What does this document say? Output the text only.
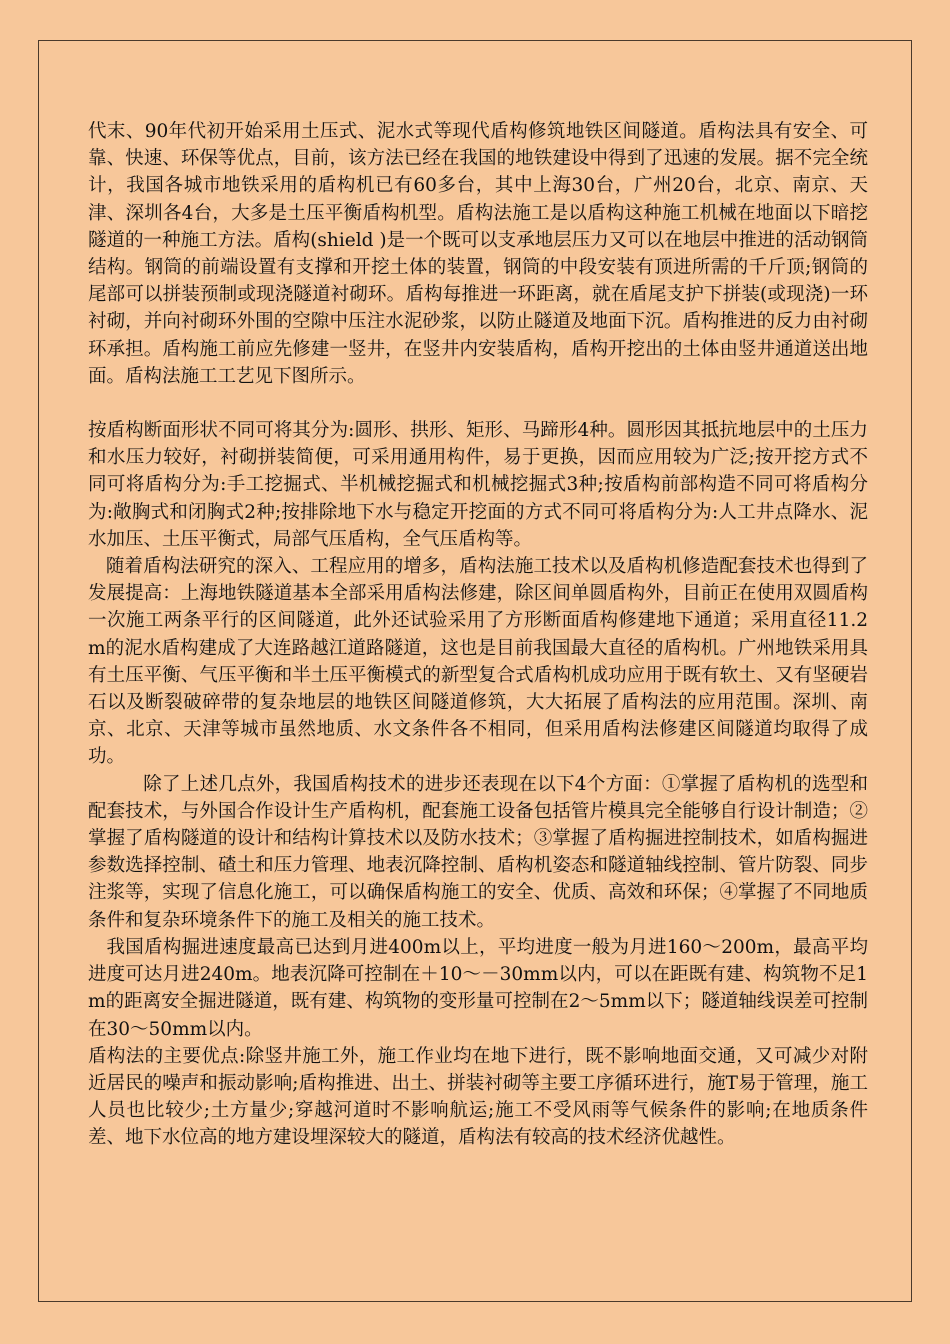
代末、90年代初开始采用土压式、泥水式等现代盾构修筑地铁区间隧道。盾构法具有安全、可靠、快速、环保等优点，目前，该方法已经在我国的地铁建设中得到了迅速的发展。据不完全统计，我国各城市地铁采用的盾构机已有60多台，其中上海30台，广州20台，北京、南京、天津、深圳各4台，大多是土压平衡盾构机型。盾构法施工是以盾构这种施工机械在地面以下暗挖隧道的一种施工方法。盾构(shield )是一个既可以支承地层压力又可以在地层中推进的活动钢筒结构。钢筒的前端设置有支撑和开挖土体的装置，钢筒的中段安装有顶进所需的千斤顶;钢筒的尾部可以拼装预制或现浇隧道衬砌环。盾构每推进一环距离，就在盾尾支护下拼装(或现浇)一环衬砌，并向衬砌环外围的空隙中压注水泥砂浆，以防止隧道及地面下沉。盾构推进的反力由衬砌环承担。盾构施工前应先修建一竖井，在竖井内安装盾构，盾构开挖出的土体由竖井通道送出地面。盾构法施工工艺见下图所示。

按盾构断面形状不同可将其分为:圆形、拱形、矩形、马蹄形4种。圆形因其抵抗地层中的土压力和水压力较好，衬砌拼装简便，可采用通用构件，易于更换，因而应用较为广泛;按开挖方式不同可将盾构分为:手工挖掘式、半机械挖掘式和机械挖掘式3种;按盾构前部构造不同可将盾构分为:敞胸式和闭胸式2种;按排除地下水与稳定开挖面的方式不同可将盾构分为:人工井点降水、泥水加压、土压平衡式，局部气压盾构，全气压盾构等。

随着盾构法研究的深入、工程应用的增多，盾构法施工技术以及盾构机修造配套技术也得到了发展提高：上海地铁隧道基本全部采用盾构法修建，除区间单圆盾构外，目前正在使用双圆盾构一次施工两条平行的区间隧道，此外还试验采用了方形断面盾构修建地下通道；采用直径11.2m的泥水盾构建成了大连路越江道路隧道，这也是目前我国最大直径的盾构机。广州地铁采用具有土压平衡、气压平衡和半土压平衡模式的新型复合式盾构机成功应用于既有软土、又有坚硬岩石以及断裂破碎带的复杂地层的地铁区间隧道修筑，大大拓展了盾构法的应用范围。深圳、南京、北京、天津等城市虽然地质、水文条件各不相同，但采用盾构法修建区间隧道均取得了成功。

除了上述几点外，我国盾构技术的进步还表现在以下4个方面：①掌握了盾构机的选型和配套技术，与外国合作设计生产盾构机，配套施工设备包括管片模具完全能够自行设计制造；②掌握了盾构隧道的设计和结构计算技术以及防水技术；③掌握了盾构掘进控制技术，如盾构掘进参数选择控制、碴土和压力管理、地表沉降控制、盾构机姿态和隧道轴线控制、管片防裂、同步注浆等，实现了信息化施工，可以确保盾构施工的安全、优质、高效和环保；④掌握了不同地质条件和复杂环境条件下的施工及相关的施工技术。

我国盾构掘进速度最高已达到月进400m以上，平均进度一般为月进160～200m，最高平均进度可达月进240m。地表沉降可控制在＋10～－30mm以内，可以在距既有建、构筑物不足1m的距离安全掘进隧道，既有建、构筑物的变形量可控制在2～5mm以下；隧道轴线误差可控制在30～50mm以内。

盾构法的主要优点:除竖井施工外，施工作业均在地下进行，既不影响地面交通，又可减少对附近居民的噪声和振动影响;盾构推进、出土、拼装衬砌等主要工序循环进行，施T易于管理，施工人员也比较少;土方量少;穿越河道时不影响航运;施工不受风雨等气候条件的影响;在地质条件差、地下水位高的地方建设埋深较大的隧道，盾构法有较高的技术经济优越性。
